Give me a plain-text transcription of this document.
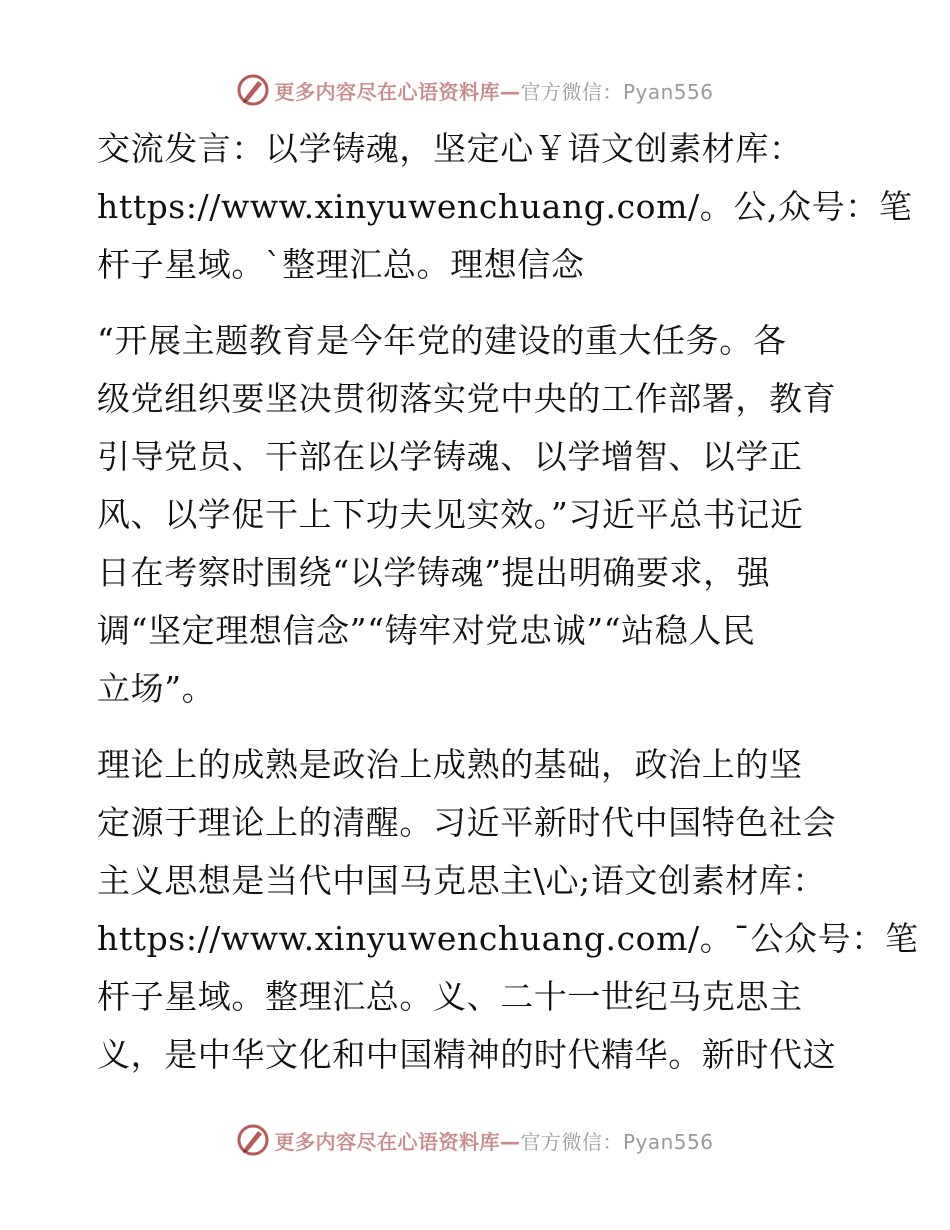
更多内容尽在心语资料库—官方微信：Pyan556

交流发言：以学铸魂，坚定心￥语文创素材库：
https://www.xinyuwenchuang.com/。公,众号：笔
杆子星域。`整理汇总。理想信念

“开展主题教育是今年党的建设的重大任务。各
级党组织要坚决贯彻落实党中央的工作部署，教育
引导党员、干部在以学铸魂、以学增智、以学正
风、以学促干上下功夫见实效。”习近平总书记近
日在考察时围绕“以学铸魂”提出明确要求，强
调“坚定理想信念”“铸牢对党忠诚”“站稳人民
立场”。

理论上的成熟是政治上成熟的基础，政治上的坚
定源于理论上的清醒。习近平新时代中国特色社会
主义思想是当代中国马克思主\心;语文创素材库：
https://www.xinyuwenchuang.com/。¯公众号：笔
杆子星域。整理汇总。义、二十一世纪马克思主
义，是中华文化和中国精神的时代精华。新时代这

更多内容尽在心语资料库—官方微信：Pyan556
